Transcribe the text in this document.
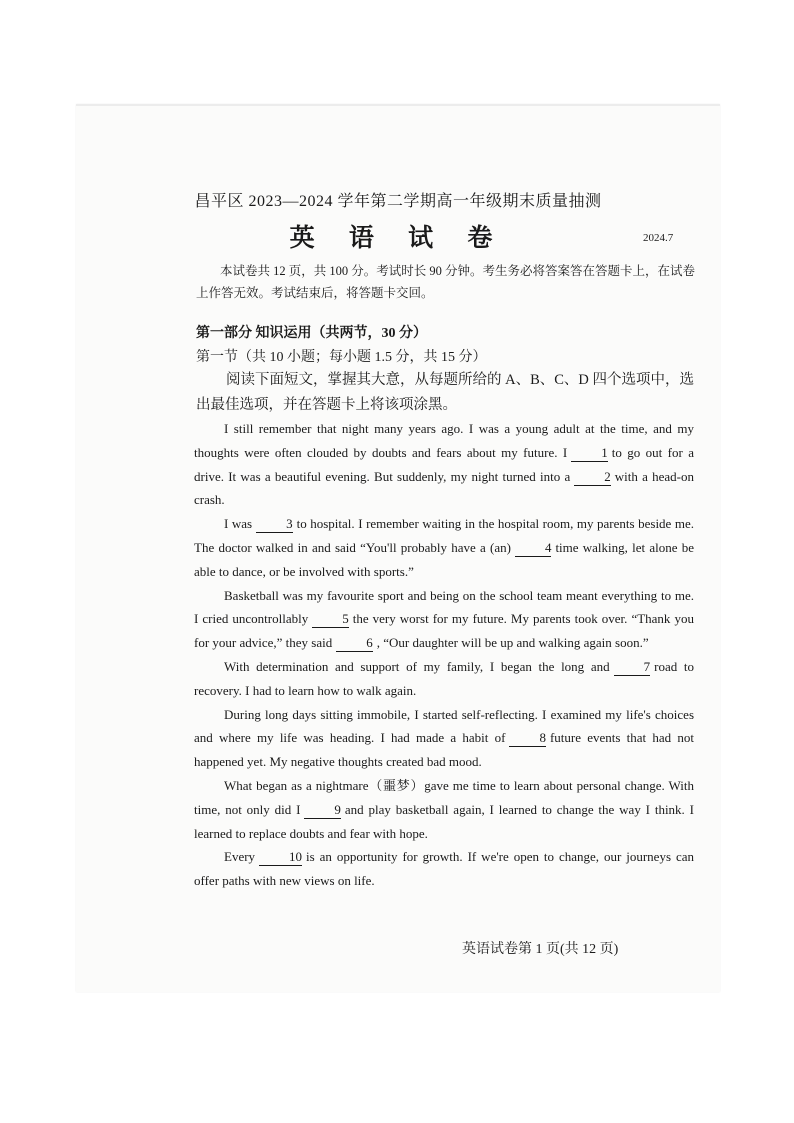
昌平区 2023—2024 学年第二学期高一年级期末质量抽测
英 语 试 卷	2024.7
本试卷共 12 页，共 100 分。考试时长 90 分钟。考生务必将答案答在答题卡上，在试卷上作答无效。考试结束后，将答题卡交回。
第一部分 知识运用（共两节，30 分）
第一节（共 10 小题；每小题 1.5 分，共 15 分）
阅读下面短文，掌握其大意，从每题所给的 A、B、C、D 四个选项中，选出最佳选项，并在答题卡上将该项涂黑。

I still remember that night many years ago. I was a young adult at the time, and my thoughts were often clouded by doubts and fears about my future. I	1 to go out for a drive. It was a beautiful evening. But suddenly, my night turned into a	2 with a head-on crash.

I was	3 to hospital. I remember waiting in the hospital room, my parents beside me. The doctor walked in and said “You'll probably have a (an)	4 time walking, let alone be able to dance, or be involved with sports.”

Basketball was my favourite sport and being on the school team meant everything to me. I cried uncontrollably	5 the very worst for my future. My parents took over. “Thank you for your advice,” they said	6 , “Our daughter will be up and walking again soon.”

With determination and support of my family, I began the long and	7 road to recovery. I had to learn how to walk again.

During long days sitting immobile, I started self-reflecting. I examined my life's choices and where my life was heading. I had made a habit of	8 future events that had not happened yet. My negative thoughts created bad mood.

What began as a nightmare（噩梦）gave me time to learn about personal change. With time, not only did I	9 and play basketball again, I learned to change the way I think. I learned to replace doubts and fear with hope.

Every	10 is an opportunity for growth. If we're open to change, our journeys can offer paths with new views on life.

英语试卷第 1 页(共 12 页)
